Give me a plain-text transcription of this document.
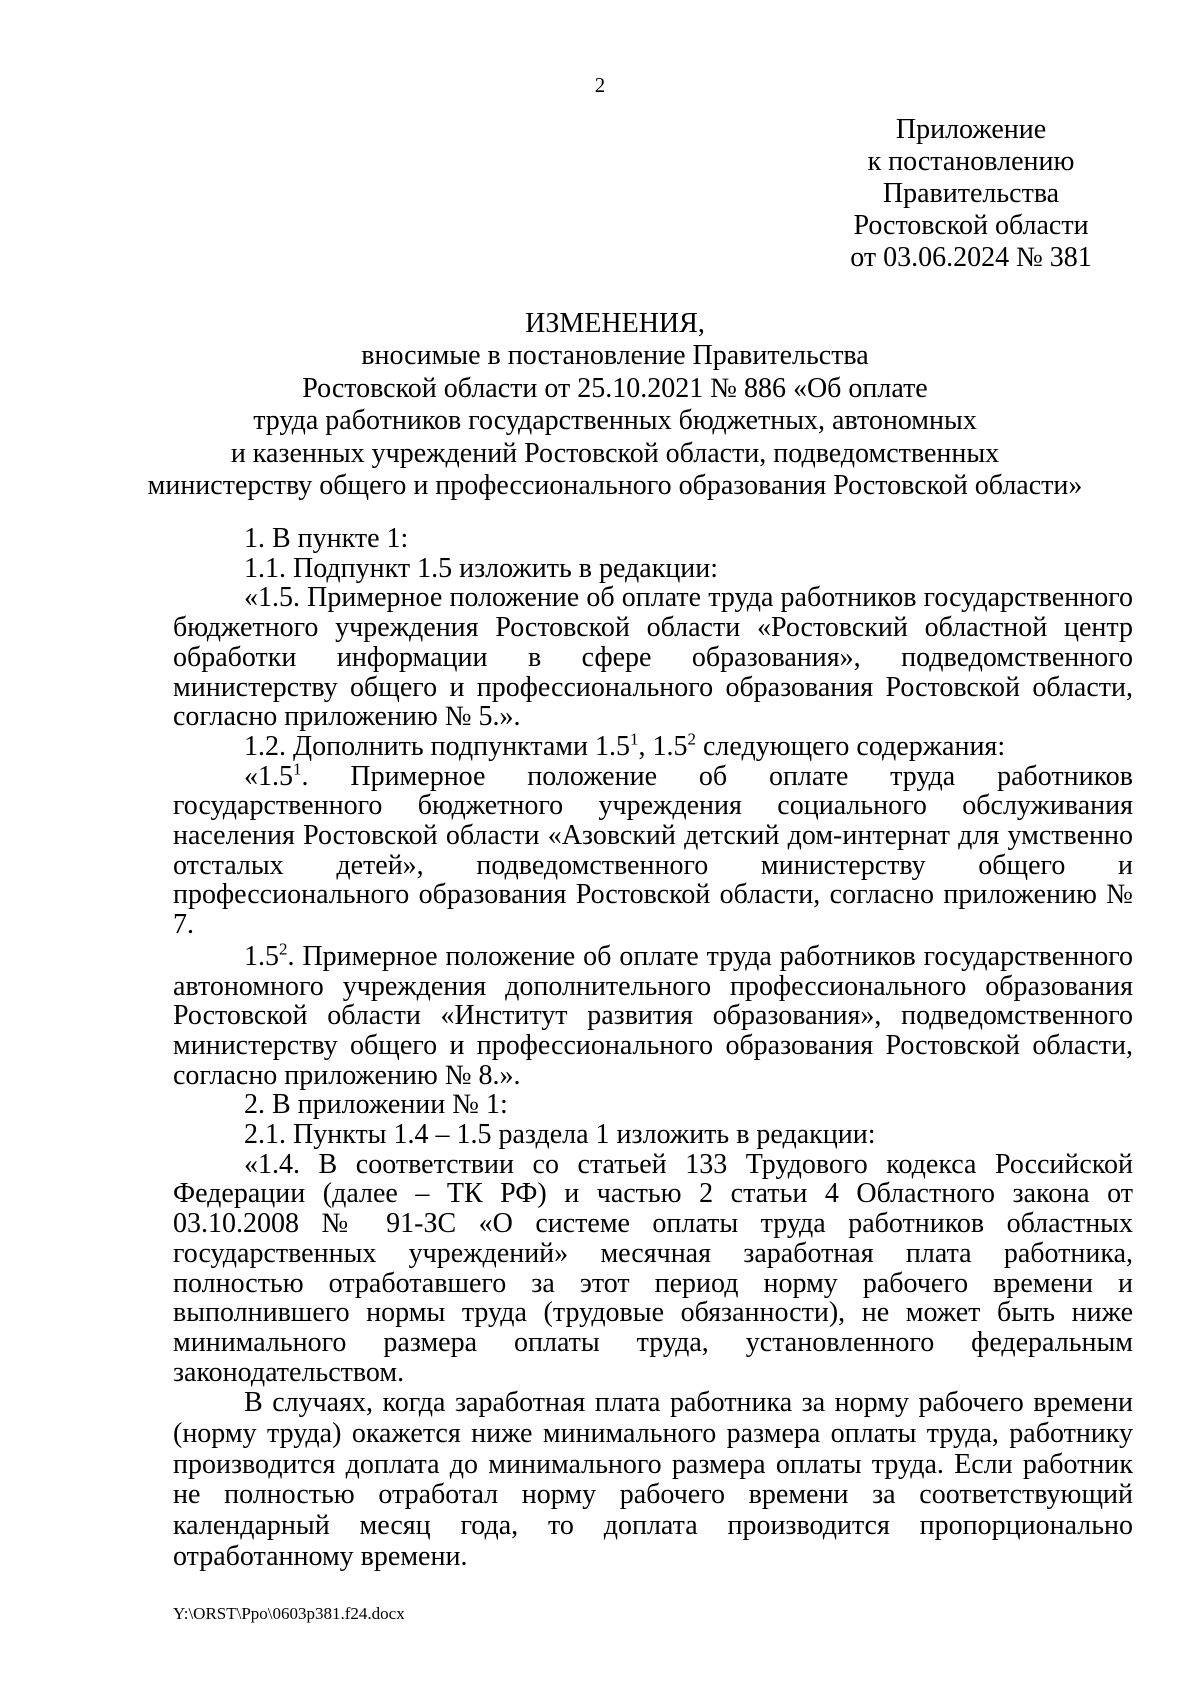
2
Приложение
к постановлению
Правительства
Ростовской области
от 03.06.2024 № 381
ИЗМЕНЕНИЯ,
вносимые в постановление Правительства
Ростовской области от 25.10.2021 № 886 «Об оплате
труда работников государственных бюджетных, автономных
и казенных учреждений Ростовской области, подведомственных
министерству общего и профессионального образования Ростовской области»

1. В пункте 1:

1.1. Подпункт 1.5 изложить в редакции:

«1.5. Примерное положение об оплате труда работников государственного бюджетного учреждения Ростовской области «Ростовский областной центр обработки информации в сфере образования», подведомственного министерству общего и профессионального образования Ростовской области, согласно приложению № 5.».

1.2. Дополнить подпунктами $1.5^1$, $1.5^2$ следующего содержания:

«$1.5^1$. Примерное положение об оплате труда работников государственного бюджетного учреждения социального обслуживания населения Ростовской области «Азовский детский дом-интернат для умственно отсталых детей», подведомственного министерству общего и профессионального образования Ростовской области, согласно приложению № 7.

$1.5^2$. Примерное положение об оплате труда работников государственного автономного учреждения дополнительного профессионального образования Ростовской области «Институт развития образования», подведомственного министерству общего и профессионального образования Ростовской области, согласно приложению № 8.».

2. В приложении № 1:

2.1. Пункты 1.4 – 1.5 раздела 1 изложить в редакции:

«1.4. В соответствии со статьей 133 Трудового кодекса Российской Федерации (далее – ТК РФ) и частью 2 статьи 4 Областного закона от 03.10.2008 № 91-ЗС «О системе оплаты труда работников областных государственных учреждений» месячная заработная плата работника, полностью отработавшего за этот период норму рабочего времени и выполнившего нормы труда (трудовые обязанности), не может быть ниже минимального размера оплаты труда, установленного федеральным законодательством.

В случаях, когда заработная плата работника за норму рабочего времени (норму труда) окажется ниже минимального размера оплаты труда, работнику производится доплата до минимального размера оплаты труда. Если работник не полностью отработал норму рабочего времени за соответствующий календарный месяц года, то доплата производится пропорционально отработанному времени.

Y:\ORST\Ppo\0603p381.f24.docx
